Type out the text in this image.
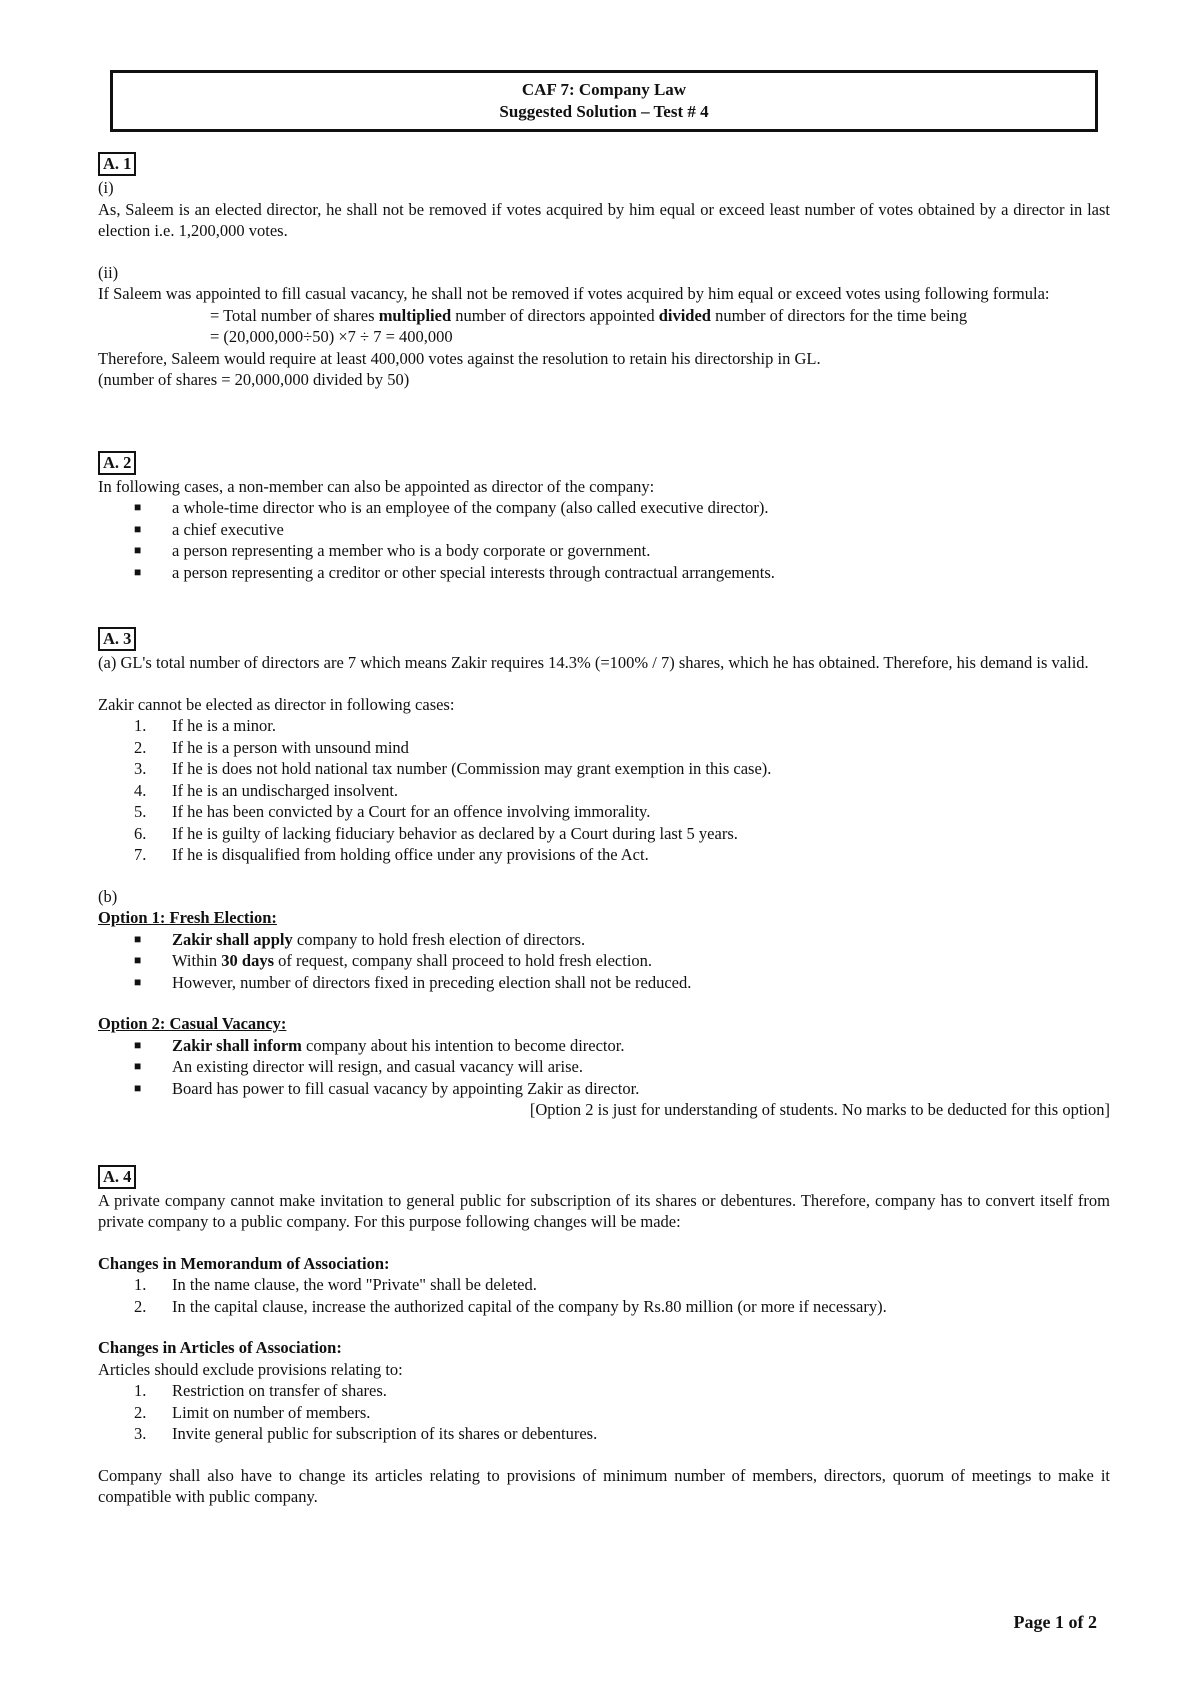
CAF 7: Company Law
Suggested Solution – Test # 4
A. 1

(i)

As, Saleem is an elected director, he shall not be removed if votes acquired by him equal or exceed least number of votes obtained by a director in last election i.e. 1,200,000 votes.

(ii)

If Saleem was appointed to fill casual vacancy, he shall not be removed if votes acquired by him equal or exceed votes using following formula:

= Total number of shares multiplied number of directors appointed divided number of directors for the time being

= (20,000,000÷50) ×7 ÷ 7 = 400,000

Therefore, Saleem would require at least 400,000 votes against the resolution to retain his directorship in GL.

(number of shares = 20,000,000 divided by 50)

A. 2

In following cases, a non-member can also be appointed as director of the company:

■	a whole-time director who is an employee of the company (also called executive director).
■	a chief executive
■	a person representing a member who is a body corporate or government.
■	a person representing a creditor or other special interests through contractual arrangements.
A. 3

(a) GL's total number of directors are 7 which means Zakir requires 14.3% (=100% / 7) shares, which he has obtained. Therefore, his demand is valid.

Zakir cannot be elected as director in following cases:

1. If he is a minor.
2. If he is a person with unsound mind
3. If he is does not hold national tax number (Commission may grant exemption in this case).
4. If he is an undischarged insolvent.
5. If he has been convicted by a Court for an offence involving immorality.
6. If he is guilty of lacking fiduciary behavior as declared by a Court during last 5 years.
7. If he is disqualified from holding office under any provisions of the Act.

(b)

Option 1: Fresh Election:

■	Zakir shall apply company to hold fresh election of directors.
■	Within 30 days of request, company shall proceed to hold fresh election.
■	However, number of directors fixed in preceding election shall not be reduced.

Option 2: Casual Vacancy:

■	Zakir shall inform company about his intention to become director.
■	An existing director will resign, and casual vacancy will arise.
■	Board has power to fill casual vacancy by appointing Zakir as director.

[Option 2 is just for understanding of students. No marks to be deducted for this option]

A. 4

A private company cannot make invitation to general public for subscription of its shares or debentures. Therefore, company has to convert itself from private company to a public company. For this purpose following changes will be made:

Changes in Memorandum of Association:

1. In the name clause, the word "Private" shall be deleted.
2. In the capital clause, increase the authorized capital of the company by Rs.80 million (or more if necessary).

Changes in Articles of Association:

Articles should exclude provisions relating to:

1. Restriction on transfer of shares.
2. Limit on number of members.
3. Invite general public for subscription of its shares or debentures.

Company shall also have to change its articles relating to provisions of minimum number of members, directors, quorum of meetings to make it compatible with public company.

Page 1 of 2
